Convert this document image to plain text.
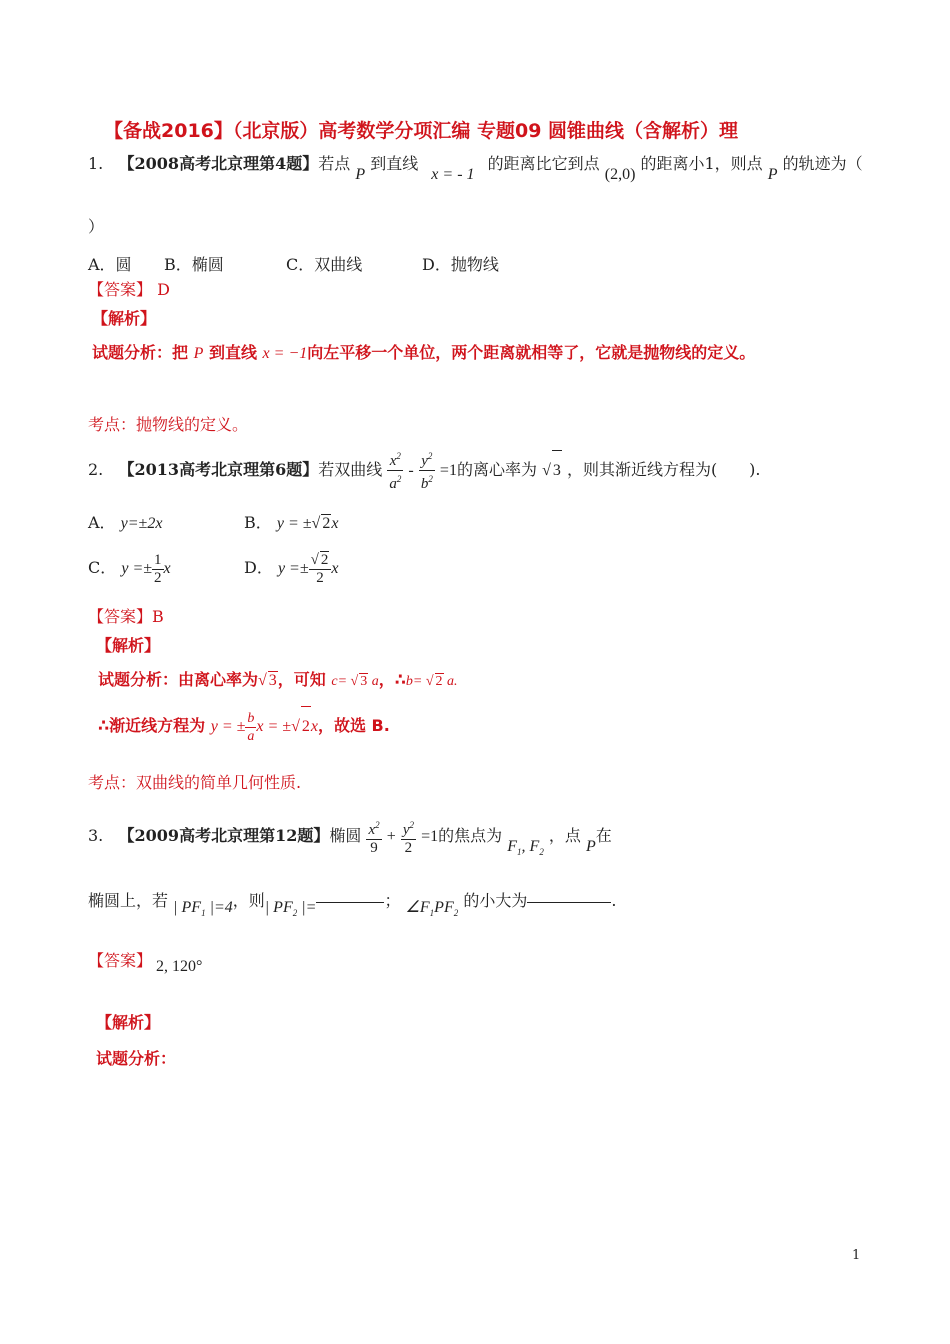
【备战2016】（北京版）高考数学分项汇编 专题09 圆锥曲线（含解析）理
1. 【2008高考北京理第4题】若点 P 到直线 x = - 1 的距离比它到点 (2,0) 的距离小1，则点 P 的轨迹为（
）
A．圆 B．椭圆	C．双曲线	D．抛物线
【答案】 D
【解析】
试题分析：把 P 到直线 x = −1向左平移一个单位，两个距离就相等了，它就是抛物线的定义。
考点：抛物线的定义。
2. 【2013高考北京理第6题】若双曲线 $\frac{x^2}{a^2} - \frac{y^2}{b^2} =1$的离心率为 √ 3 ，则其渐近线方程为(　　).
A． y=±2x	B． y = ±√ 2x
C． $y =\pm \frac{1}{2}$ x	D． $y =\pm \frac{√ 2}{2}$ x
【答案】B
【解析】
试题分析：由离心率为√ 3，可知 c= √ 3 a，∴b= √ 2 a.
∴渐近线方程为 y = ± $\frac{b}{a}$ x = ±√ 2x，故选 B.
考点：双曲线的简单几何性质.
3. 【2009高考北京理第12题】椭圆 $\frac{x^2}{9} + \frac{y^2}{2} =1$的焦点为 $F_1$, $F_2$ ，点 P在
椭圆上，若 | $PF_1$ |=4，则| $PF_2$ |=	； $\angle F_1PF_2$ 的小大为	.
【答案】 2, 120°
【解析】
试题分析：
1
